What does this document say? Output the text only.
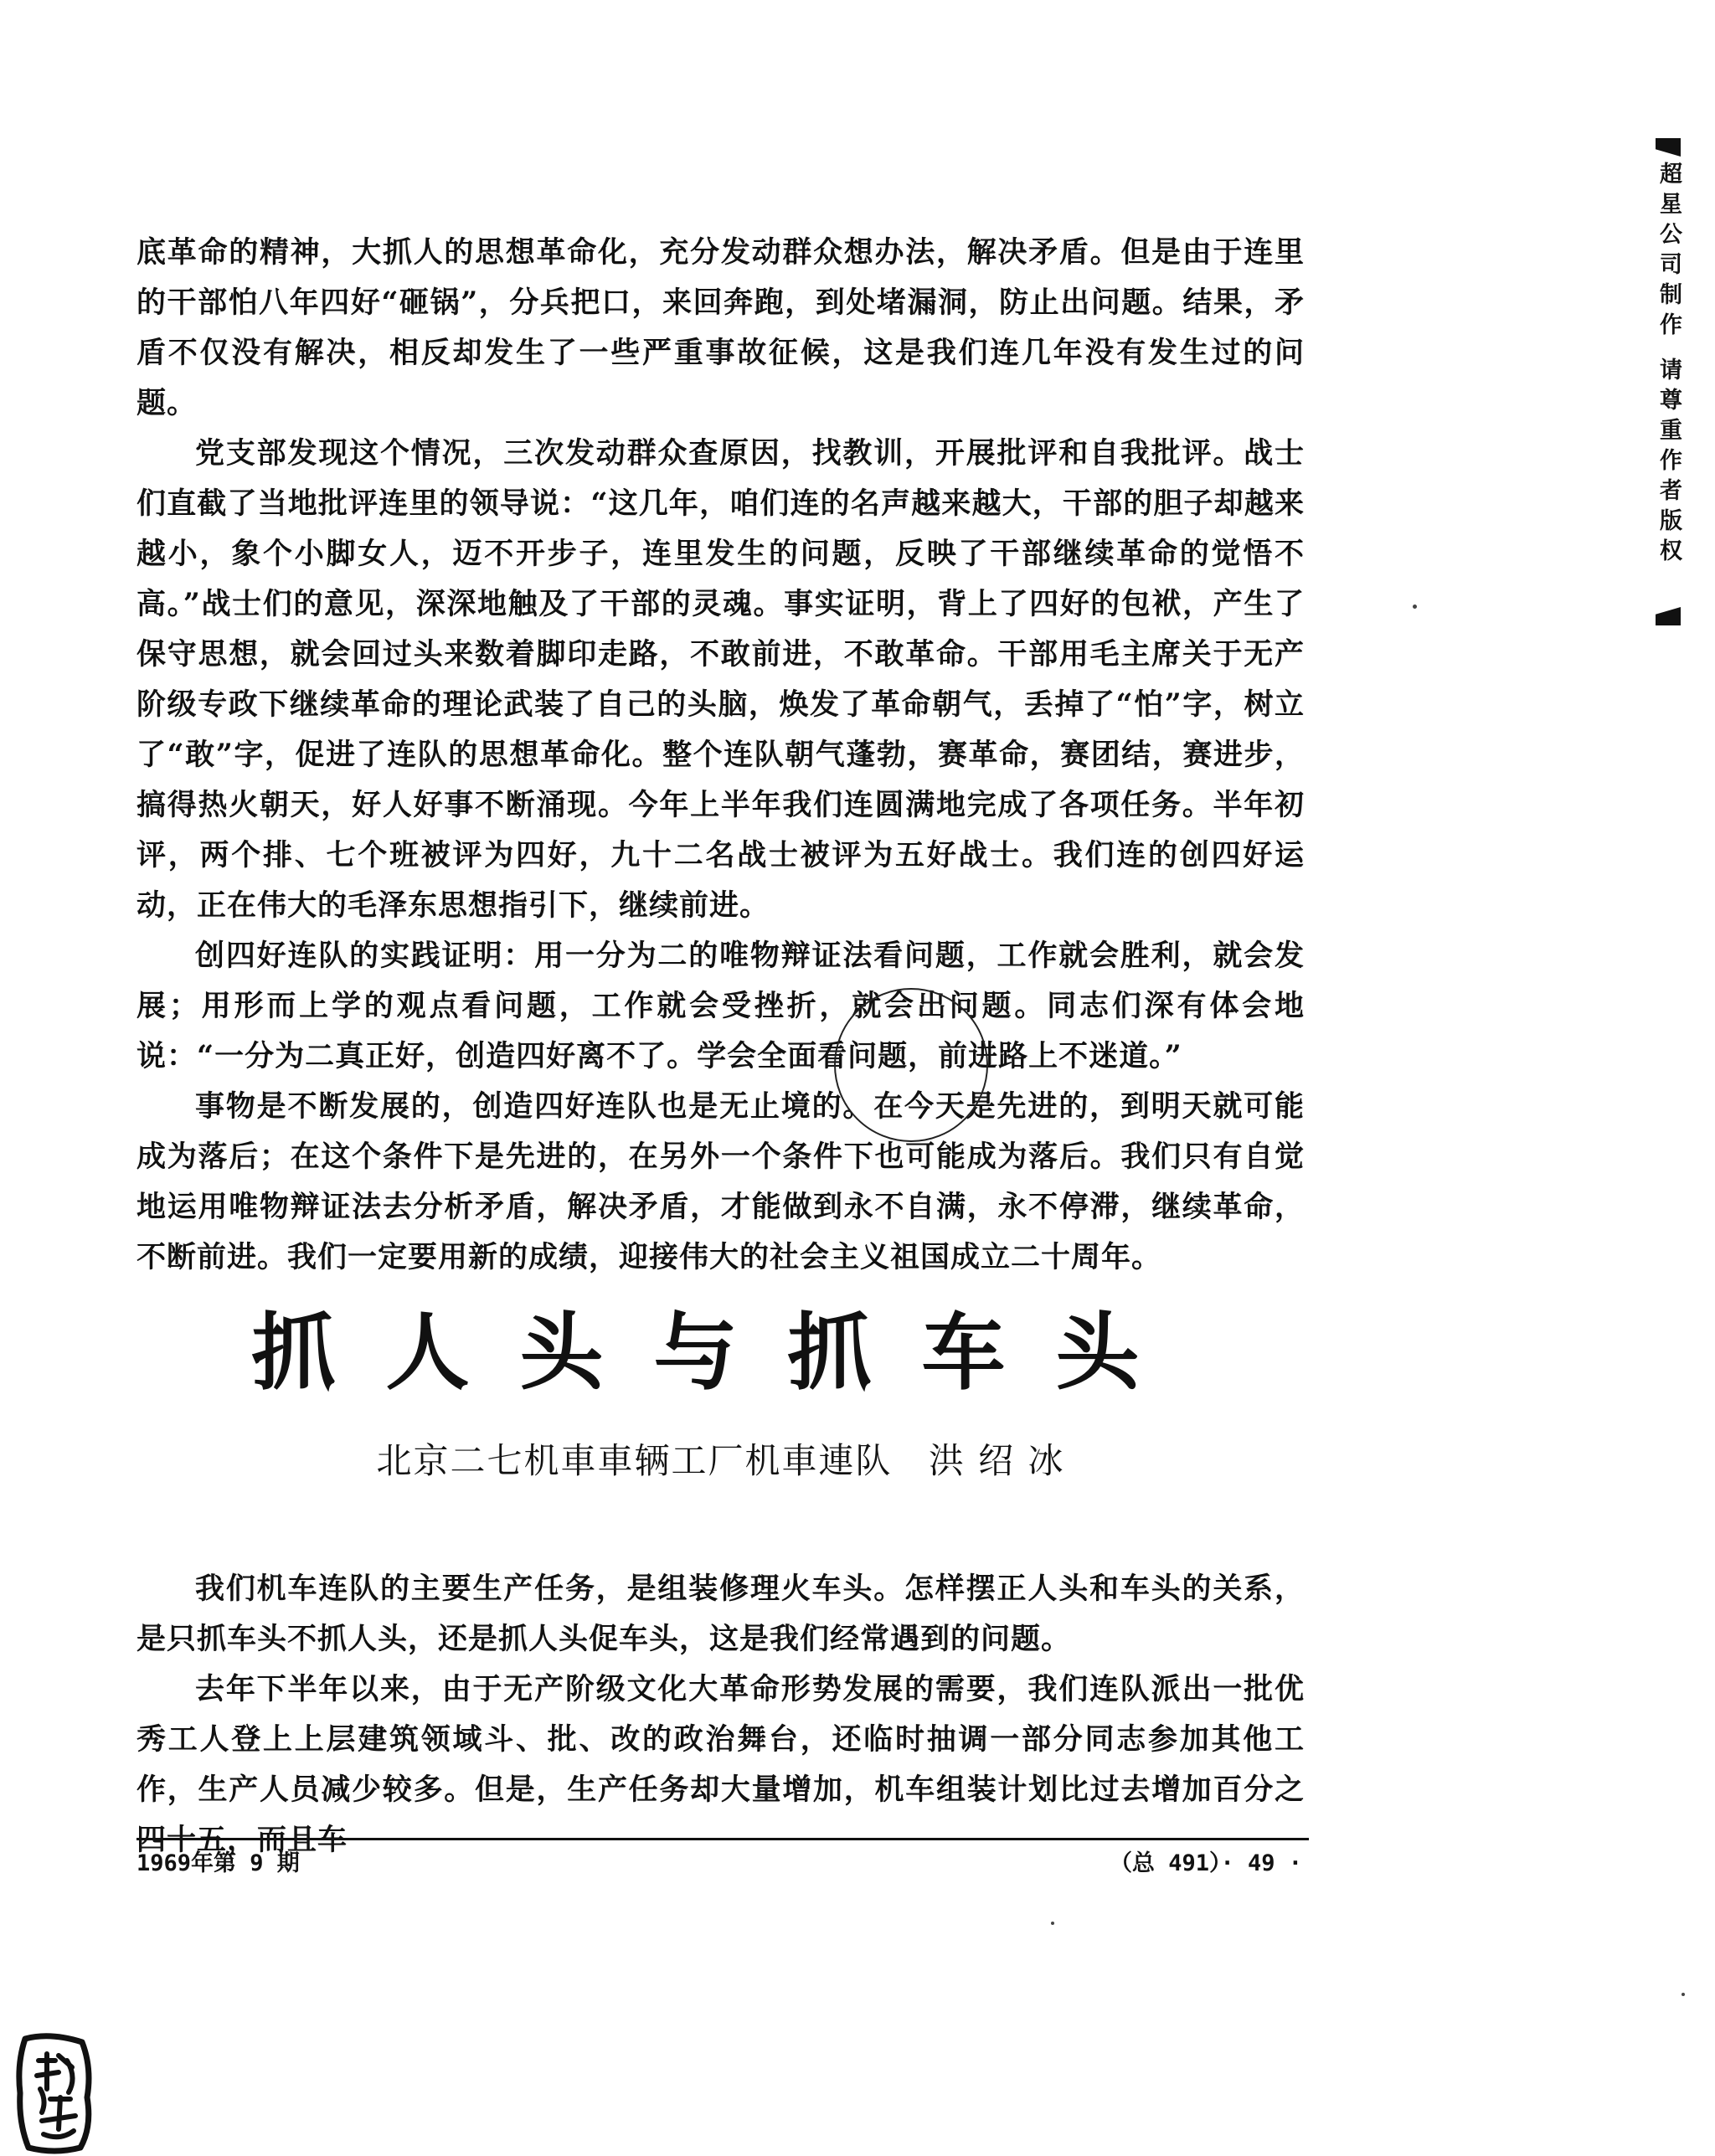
超星公司制作 请尊重作者版权

底革命的精神，大抓人的思想革命化，充分发动群众想办法，解决矛盾。但是由于连里的干部怕八年四好“砸锅”，分兵把口，来回奔跑，到处堵漏洞，防止出问题。结果，矛盾不仅没有解决，相反却发生了一些严重事故征候，这是我们连几年没有发生过的问题。

党支部发现这个情况，三次发动群众查原因，找教训，开展批评和自我批评。战士们直截了当地批评连里的领导说：“这几年，咱们连的名声越来越大，干部的胆子却越来越小，象个小脚女人，迈不开步子，连里发生的问题，反映了干部继续革命的觉悟不高。”战士们的意见，深深地触及了干部的灵魂。事实证明，背上了四好的包袱，产生了保守思想，就会回过头来数着脚印走路，不敢前进，不敢革命。干部用毛主席关于无产阶级专政下继续革命的理论武装了自己的头脑，焕发了革命朝气，丢掉了“怕”字，树立了“敢”字，促进了连队的思想革命化。整个连队朝气蓬勃，赛革命，赛团结，赛进步，搞得热火朝天，好人好事不断涌现。今年上半年我们连圆满地完成了各项任务。半年初评，两个排、七个班被评为四好，九十二名战士被评为五好战士。我们连的创四好运动，正在伟大的毛泽东思想指引下，继续前进。

创四好连队的实践证明：用一分为二的唯物辩证法看问题，工作就会胜利，就会发展；用形而上学的观点看问题，工作就会受挫折，就会出问题。同志们深有体会地说：“一分为二真正好，创造四好离不了。学会全面看问题，前进路上不迷道。”

事物是不断发展的，创造四好连队也是无止境的。在今天是先进的，到明天就可能成为落后；在这个条件下是先进的，在另外一个条件下也可能成为落后。我们只有自觉地运用唯物辩证法去分析矛盾，解决矛盾，才能做到永不自满，永不停滞，继续革命，不断前进。我们一定要用新的成绩，迎接伟大的社会主义祖国成立二十周年。

抓人头与抓车头
北京二七机車車辆工厂机車連队 洪 绍 冰

我们机车连队的主要生产任务，是组装修理火车头。怎样摆正人头和车头的关系，是只抓车头不抓人头，还是抓人头促车头，这是我们经常遇到的问题。

去年下半年以来，由于无产阶级文化大革命形势发展的需要，我们连队派出一批优秀工人登上上层建筑领域斗、批、改的政治舞台，还临时抽调一部分同志参加其他工作，生产人员减少较多。但是，生产任务却大量增加，机车组装计划比过去增加百分之四十五，而且车

1969年第 9 期	（总 491）· 49 ·
